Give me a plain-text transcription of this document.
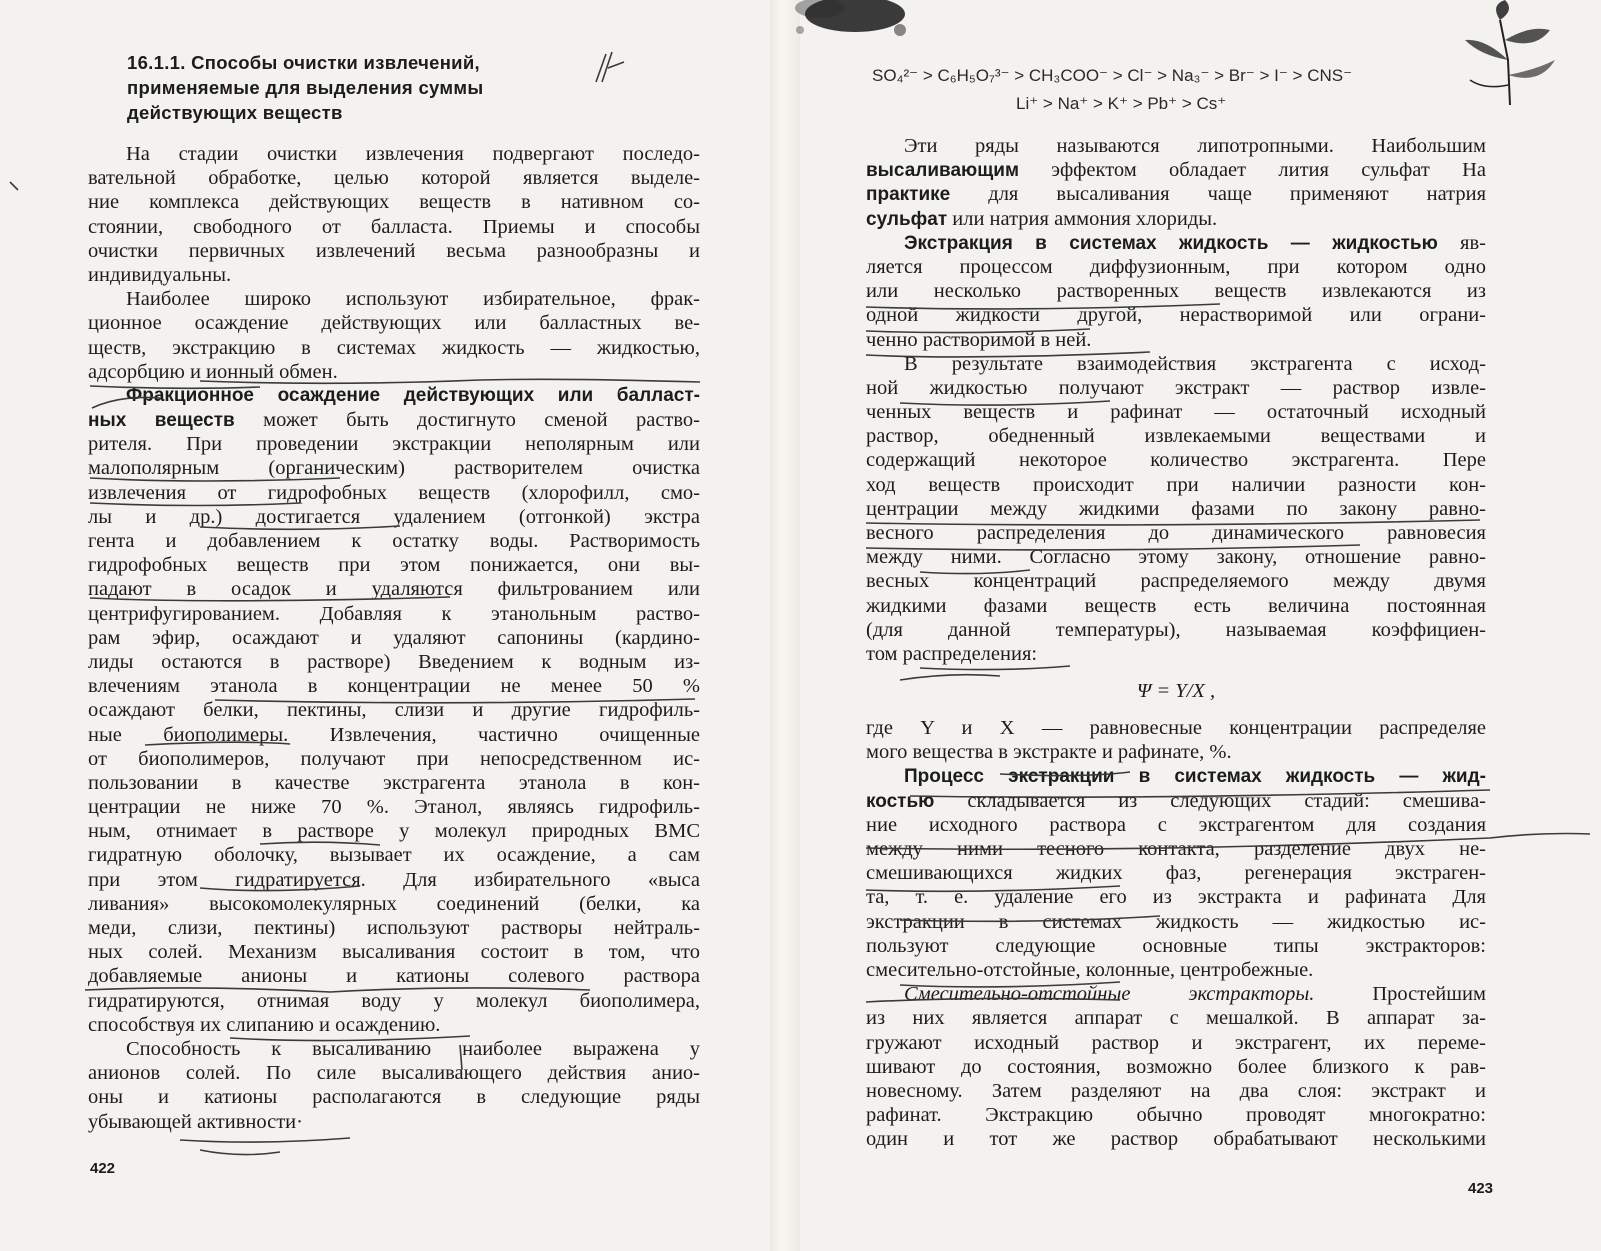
16.1.1. Способы очистки извлечений,
применяемые для выделения суммы
действующих веществ
На стадии очистки извлечения подвергают последо-
вательной обработке, целью которой является выделе-
ние комплекса действующих веществ в нативном со-
стоянии, свободного от балласта. Приемы и способы
очистки первичных извлечений весьма разнообразны и
индивидуальны.
Наиболее широко используют избирательное, фрак-
ционное осаждение действующих или балластных ве-
ществ, экстракцию в системах жидкость — жидкостью,
адсорбцию и ионный обмен.
Фракционное осаждение действующих или балласт-
ных веществ может быть достигнуто сменой раство-
рителя. При проведении экстракции неполярным или
малополярным (органическим) растворителем очистка
извлечения от гидрофобных веществ (хлорофилл, смо-
лы и др.) достигается удалением (отгонкой) экстра
гента и добавлением к остатку воды. Растворимость
гидрофобных веществ при этом понижается, они вы-
падают в осадок и удаляются фильтрованием или
центрифугированием. Добавляя к этанольным раство-
рам эфир, осаждают и удаляют сапонины (кардино-
лиды остаются в растворе) Введением к водным из-
влечениям этанола в концентрации не менее 50 %
осаждают белки, пектины, слизи и другие гидрофиль-
ные биополимеры. Извлечения, частично очищенные
от биополимеров, получают при непосредственном ис-
пользовании в качестве экстрагента этанола в кон-
центрации не ниже 70 %. Этанол, являясь гидрофиль-
ным, отнимает в растворе у молекул природных ВМС
гидратную оболочку, вызывает их осаждение, а сам
при этом гидратируется. Для избирательного «выса
ливания» высокомолекулярных соединений (белки, ка
меди, слизи, пектины) используют растворы нейтраль-
ных солей. Механизм высаливания состоит в том, что
добавляемые анионы и катионы солевого раствора
гидратируются, отнимая воду у молекул биополимера,
способствуя их слипанию и осаждению.
Способность к высаливанию наиболее выражена у
анионов солей. По силе высаливающего действия анио-
оны и катионы располагаются в следующие ряды
убывающей активности·
422
SO₄²⁻ > C₆H₅O₇³⁻ > CH₃COO⁻ > Cl⁻ > Na₃⁻ > Br⁻ > I⁻ > CNS⁻
Li⁺ > Na⁺ > K⁺ > Pb⁺ > Cs⁺
Эти ряды называются липотропными. Наибольшим
высаливающим эффектом обладает лития сульфат На
практике для высаливания чаще применяют натрия
сульфат или натрия аммония хлориды.
Экстракция в системах жидкость — жидкостью яв-
ляется процессом диффузионным, при котором одно
или несколько растворенных веществ извлекаются из
одной жидкости другой, нерастворимой или ограни-
ченно растворимой в ней.
В результате взаимодействия экстрагента с исход-
ной жидкостью получают экстракт — раствор извле-
ченных веществ и рафинат — остаточный исходный
раствор, обедненный извлекаемыми веществами и
содержащий некоторое количество экстрагента. Пере
ход веществ происходит при наличии разности кон-
центрации между жидкими фазами по закону равно-
весного распределения до динамического равновесия
между ними. Согласно этому закону, отношение равно-
весных концентраций распределяемого между двумя
жидкими фазами веществ есть величина постоянная
(для данной температуры), называемая коэффициен-
том распределения:
Ψ = Y/X ,
где Y и X — равновесные концентрации распределяе
мого вещества в экстракте и рафинате, %.
Процесс экстракции в системах жидкость — жид-
костью складывается из следующих стадий: смешива-
ние исходного раствора с экстрагентом для создания
между ними тесного контакта, разделение двух не-
смешивающихся жидких фаз, регенерация экстраген-
та, т. е. удаление его из экстракта и рафината Для
экстракции в системах жидкость — жидкостью ис-
пользуют следующие основные типы экстракторов:
смесительно-отстойные, колонные, центробежные.
Смесительно-отстойные экстракторы. Простейшим
из них является аппарат с мешалкой. В аппарат за-
гружают исходный раствор и экстрагент, их переме-
шивают до состояния, возможно более близкого к рав-
новесному. Затем разделяют на два слоя: экстракт и
рафинат. Экстракцию обычно проводят многократно:
один и тот же раствор обрабатывают несколькими
423
